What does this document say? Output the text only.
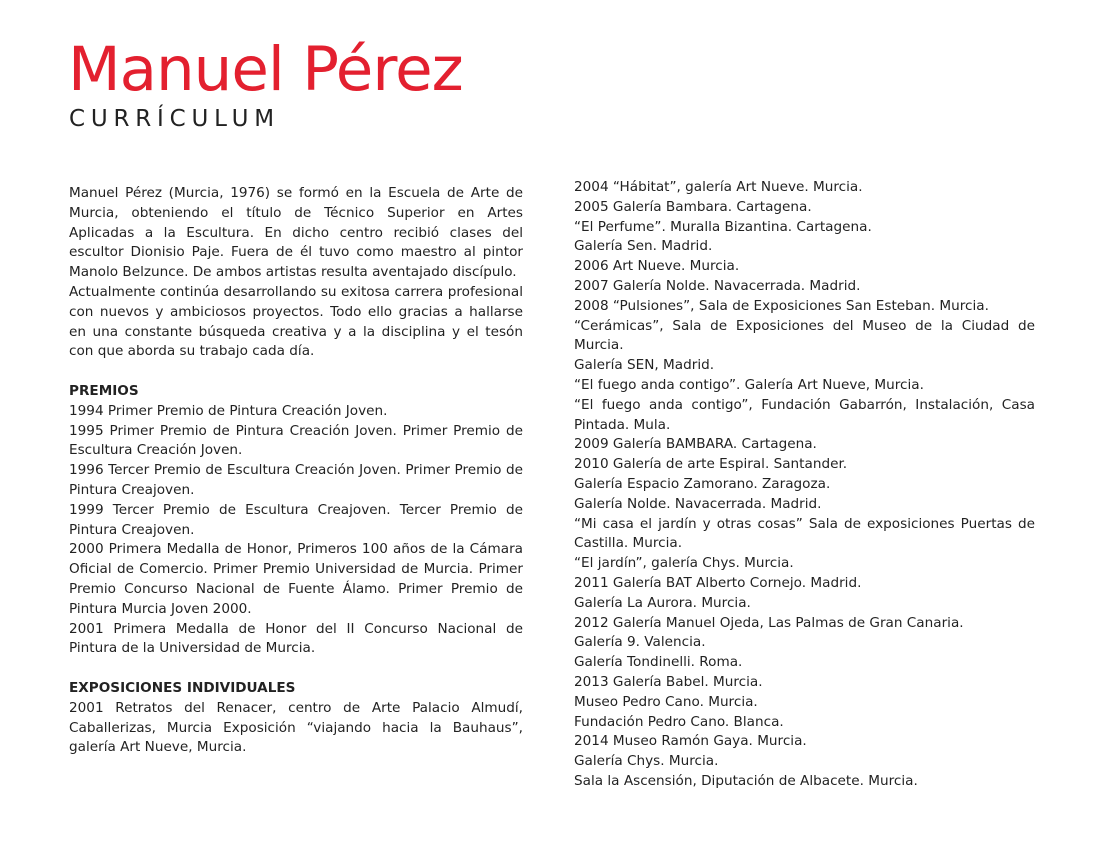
Manuel Pérez
CURRÍCULUM

Manuel Pérez (Murcia, 1976) se formó en la Escuela de Arte de Murcia, obteniendo el título de Técnico Superior en Artes Aplicadas a la Escultura. En dicho centro recibió clases del escultor Dionisio Paje. Fuera de él tuvo como maestro al pintor Manolo Belzunce. De ambos artistas resulta aventajado discípulo.

Actualmente continúa desarrollando su exitosa carrera profesional con nuevos y ambiciosos proyectos. Todo ello gracias a hallarse en una constante búsqueda creativa y a la disciplina y el tesón con que aborda su trabajo cada día.

PREMIOS
1994 Primer Premio de Pintura Creación Joven.
1995 Primer Premio de Pintura Creación Joven. Primer Premio de Escultura Creación Joven.
1996 Tercer Premio de Escultura Creación Joven. Primer Premio de Pintura Creajoven.
1999 Tercer Premio de Escultura Creajoven. Tercer Premio de Pintura Creajoven.
2000 Primera Medalla de Honor, Primeros 100 años de la Cámara Oficial de Comercio. Primer Premio Universidad de Murcia. Primer Premio Concurso Nacional de Fuente Álamo. Primer Premio de Pintura Murcia Joven 2000.
2001 Primera Medalla de Honor del II Concurso Nacional de Pintura de la Universidad de Murcia.
EXPOSICIONES INDIVIDUALES
2001 Retratos del Renacer, centro de Arte Palacio Almudí, Caballerizas, Murcia Exposición “viajando hacia la Bauhaus”, galería Art Nueve, Murcia.
2004 “Hábitat”, galería Art Nueve. Murcia.
2005 Galería Bambara. Cartagena.
“El Perfume”. Muralla Bizantina. Cartagena.
Galería Sen. Madrid.
2006 Art Nueve. Murcia.
2007 Galería Nolde. Navacerrada. Madrid.
2008 “Pulsiones”, Sala de Exposiciones San Esteban. Murcia.
“Cerámicas”, Sala de Exposiciones del Museo de la Ciudad de Murcia.
Galería SEN, Madrid.
“El fuego anda contigo”. Galería Art Nueve, Murcia.
“El fuego anda contigo”, Fundación Gabarrón, Instalación, Casa Pintada. Mula.
2009 Galería BAMBARA. Cartagena.
2010 Galería de arte Espiral. Santander.
Galería Espacio Zamorano. Zaragoza.
Galería Nolde. Navacerrada. Madrid.
“Mi casa el jardín y otras cosas” Sala de exposiciones Puertas de Castilla. Murcia.
“El jardín”, galería Chys. Murcia.
2011 Galería BAT Alberto Cornejo. Madrid.
Galería La Aurora. Murcia.
2012 Galería Manuel Ojeda, Las Palmas de Gran Canaria.
Galería 9. Valencia.
Galería Tondinelli. Roma.
2013 Galería Babel. Murcia.
Museo Pedro Cano. Murcia.
Fundación Pedro Cano. Blanca.
2014 Museo Ramón Gaya. Murcia.
Galería Chys. Murcia.
Sala la Ascensión, Diputación de Albacete. Murcia.
